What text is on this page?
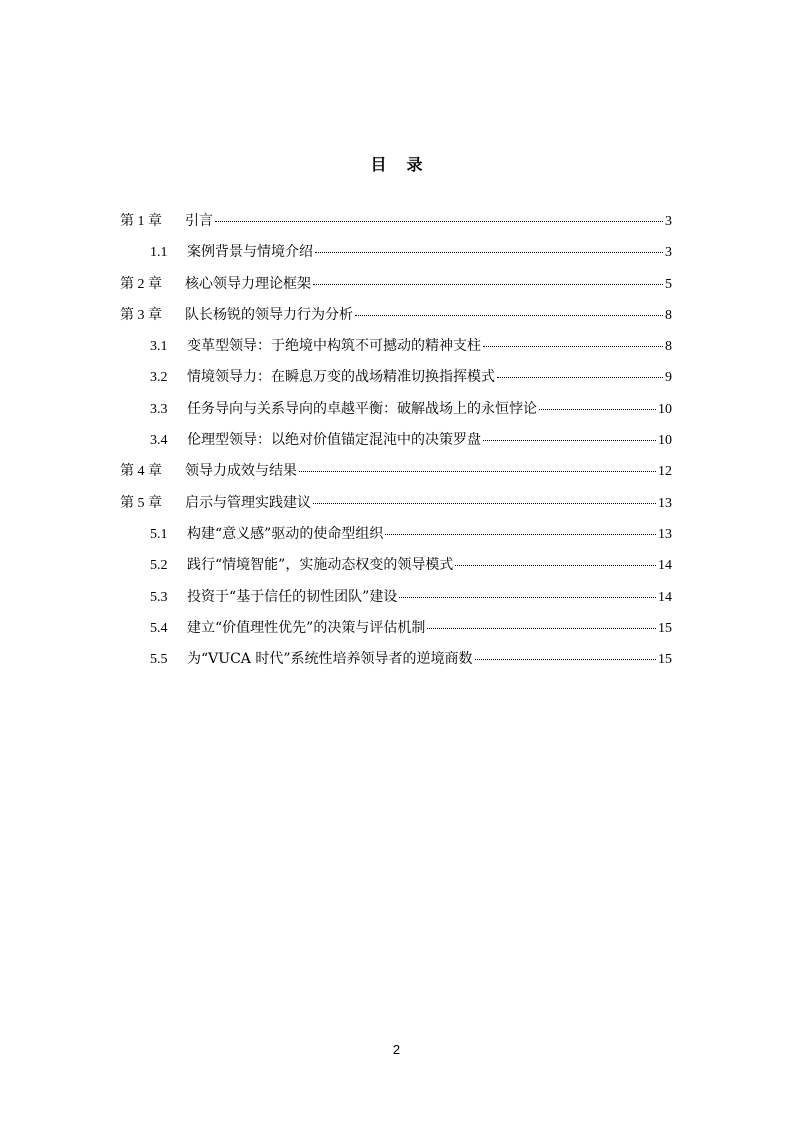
目录
第 1 章	引言	3
1.1	案例背景与情境介绍	3
第 2 章	核心领导力理论框架	5
第 3 章	队长杨锐的领导力行为分析	8
3.1	变革型领导：于绝境中构筑不可撼动的精神支柱	8
3.2	情境领导力：在瞬息万变的战场精准切换指挥模式	9
3.3	任务导向与关系导向的卓越平衡：破解战场上的永恒悖论	10
3.4	伦理型领导：以绝对价值锚定混沌中的决策罗盘	10
第 4 章	领导力成效与结果	12
第 5 章	启示与管理实践建议	13
5.1	构建“意义感”驱动的使命型组织	13
5.2	践行“情境智能”，实施动态权变的领导模式	14
5.3	投资于“基于信任的韧性团队”建设	14
5.4	建立“价值理性优先”的决策与评估机制	15
5.5	为“VUCA 时代”系统性培养领导者的逆境商数	15
2
